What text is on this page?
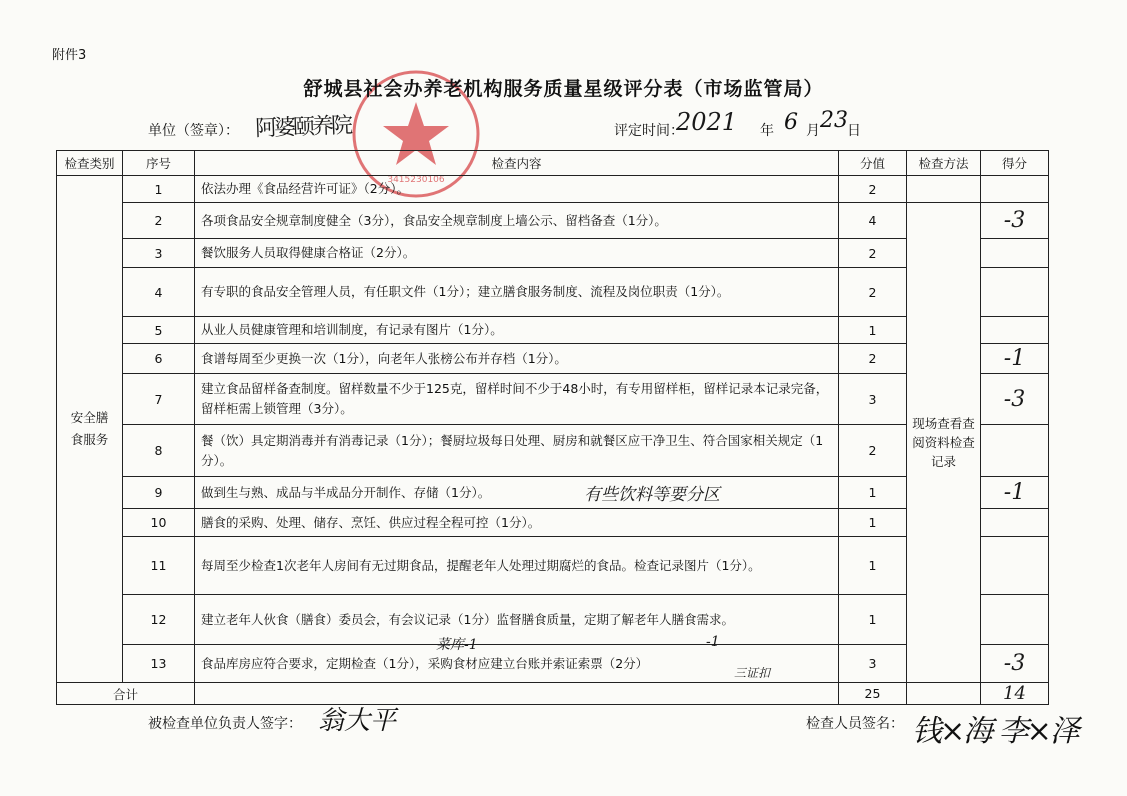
附件3
3415230106
舒城县社会办养老机构服务质量星级评分表（市场监管局）
单位（签章）： 阿婆颐养院	评定时间：
2021 年 6 月 23 日
检查类别	序号	检查内容	分值	检查方法	得分

安全膳食服务	1	依法办理《食品经营许可证》（2分）。	2		
	2	各项食品安全规章制度健全（3分），食品安全规章制度上墙公示、留档备查（1分）。	4	现场查看查阅资料检查记录	-3
	3	餐饮服务人员取得健康合格证（2分）。	2		
	4	有专职的食品安全管理人员，有任职文件（1分）；建立膳食服务制度、流程及岗位职责（1分）。	2		
	5	从业人员健康管理和培训制度，有记录有图片（1分）。	1		
	6	食谱每周至少更换一次（1分），向老年人张榜公布并存档（1分）。	2		-1
	7	建立食品留样备查制度。留样数量不少于125克，留样时间不少于48小时，有专用留样柜，留样记录本记录完备，留样柜需上锁管理（3分）。	3		-3
	8	餐（饮）具定期消毒并有消毒记录（1分）；餐厨垃圾每日处理、厨房和就餐区应干净卫生、符合国家相关规定（1分）。	2		
	9	做到生与熟、成品与半成品分开制作、存储（1分）。	1		-1
	10	膳食的采购、处理、储存、烹饪、供应过程全程可控（1分）。	1		
	11	每周至少检查1次老年人房间有无过期食品，提醒老年人处理过期腐烂的食品。检查记录图片（1分）。	1		
	12	建立老年人伙食（膳食）委员会，有会议记录（1分）监督膳食质量，定期了解老年人膳食需求。	1		
	13	食品库房应符合要求，定期检查（1分），采购食材应建立台账并索证索票（2分）	3		-3
合计			25		14
有些饮料等要分区
菜库-1	-1
三证扣
被检查单位负责人签字： 翁大平	检查人员签名： 钱×海 李×泽
